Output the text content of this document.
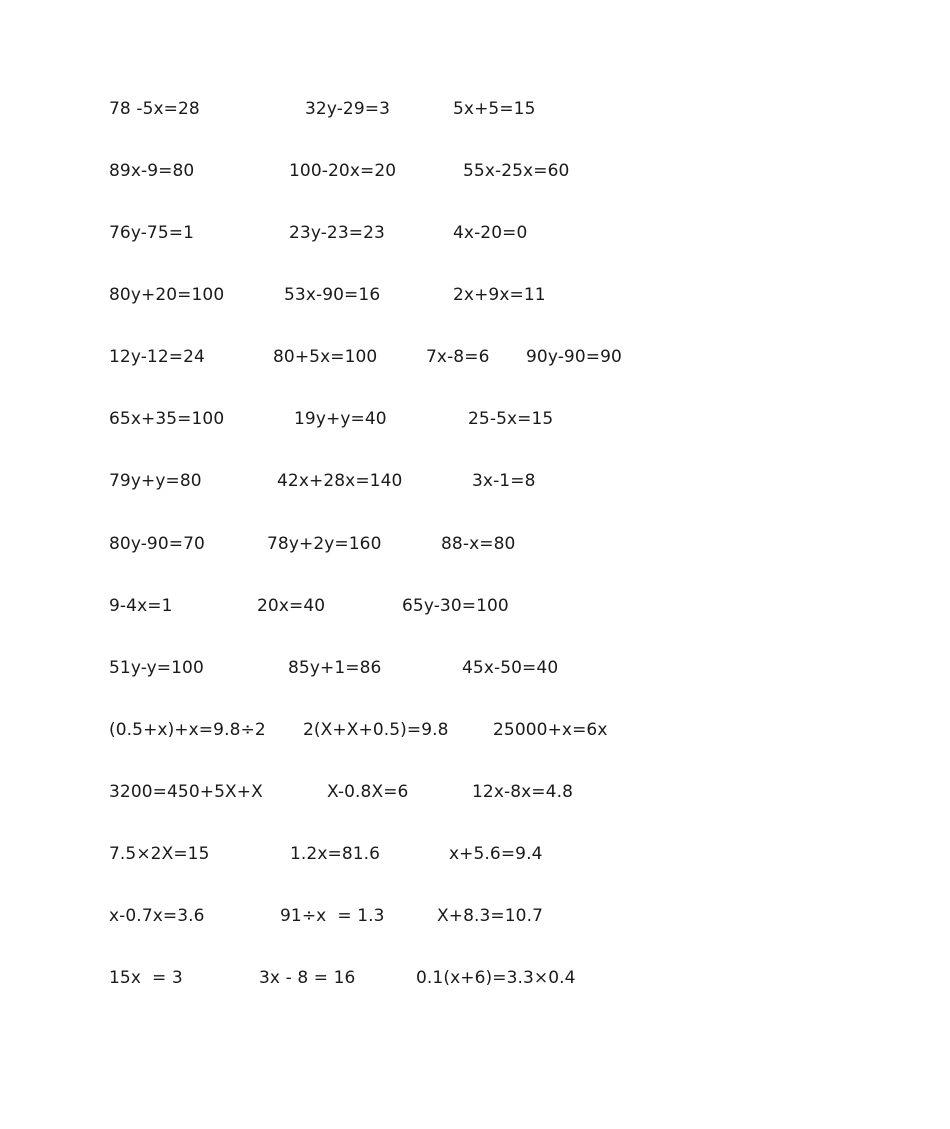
78 -5x=28	32y-29=3	5x+5=15
89x-9=80	100-20x=20	55x-25x=60
76y-75=1	23y-23=23	4x-20=0
80y+20=100	53x-90=16	2x+9x=11
12y-12=24	80+5x=100	7x-8=6 90y-90=90
65x+35=100	19y+y=40	25-5x=15
79y+y=80	42x+28x=140	3x-1=8
80y-90=70	78y+2y=160	88-x=80
9-4x=1	20x=40	65y-30=100
51y-y=100	85y+1=86	45x-50=40
(0.5+x)+x=9.8÷2 2(X+X+0.5)=9.8	25000+x=6x
3200=450+5X+X	X-0.8X=6	12x-8x=4.8
7.5×2X=15	1.2x=81.6	x+5.6=9.4
x-0.7x=3.6	91÷x  = 1.3	X+8.3=10.7
15x  = 3	3x - 8 = 16	0.1(x+6)=3.3×0.4
